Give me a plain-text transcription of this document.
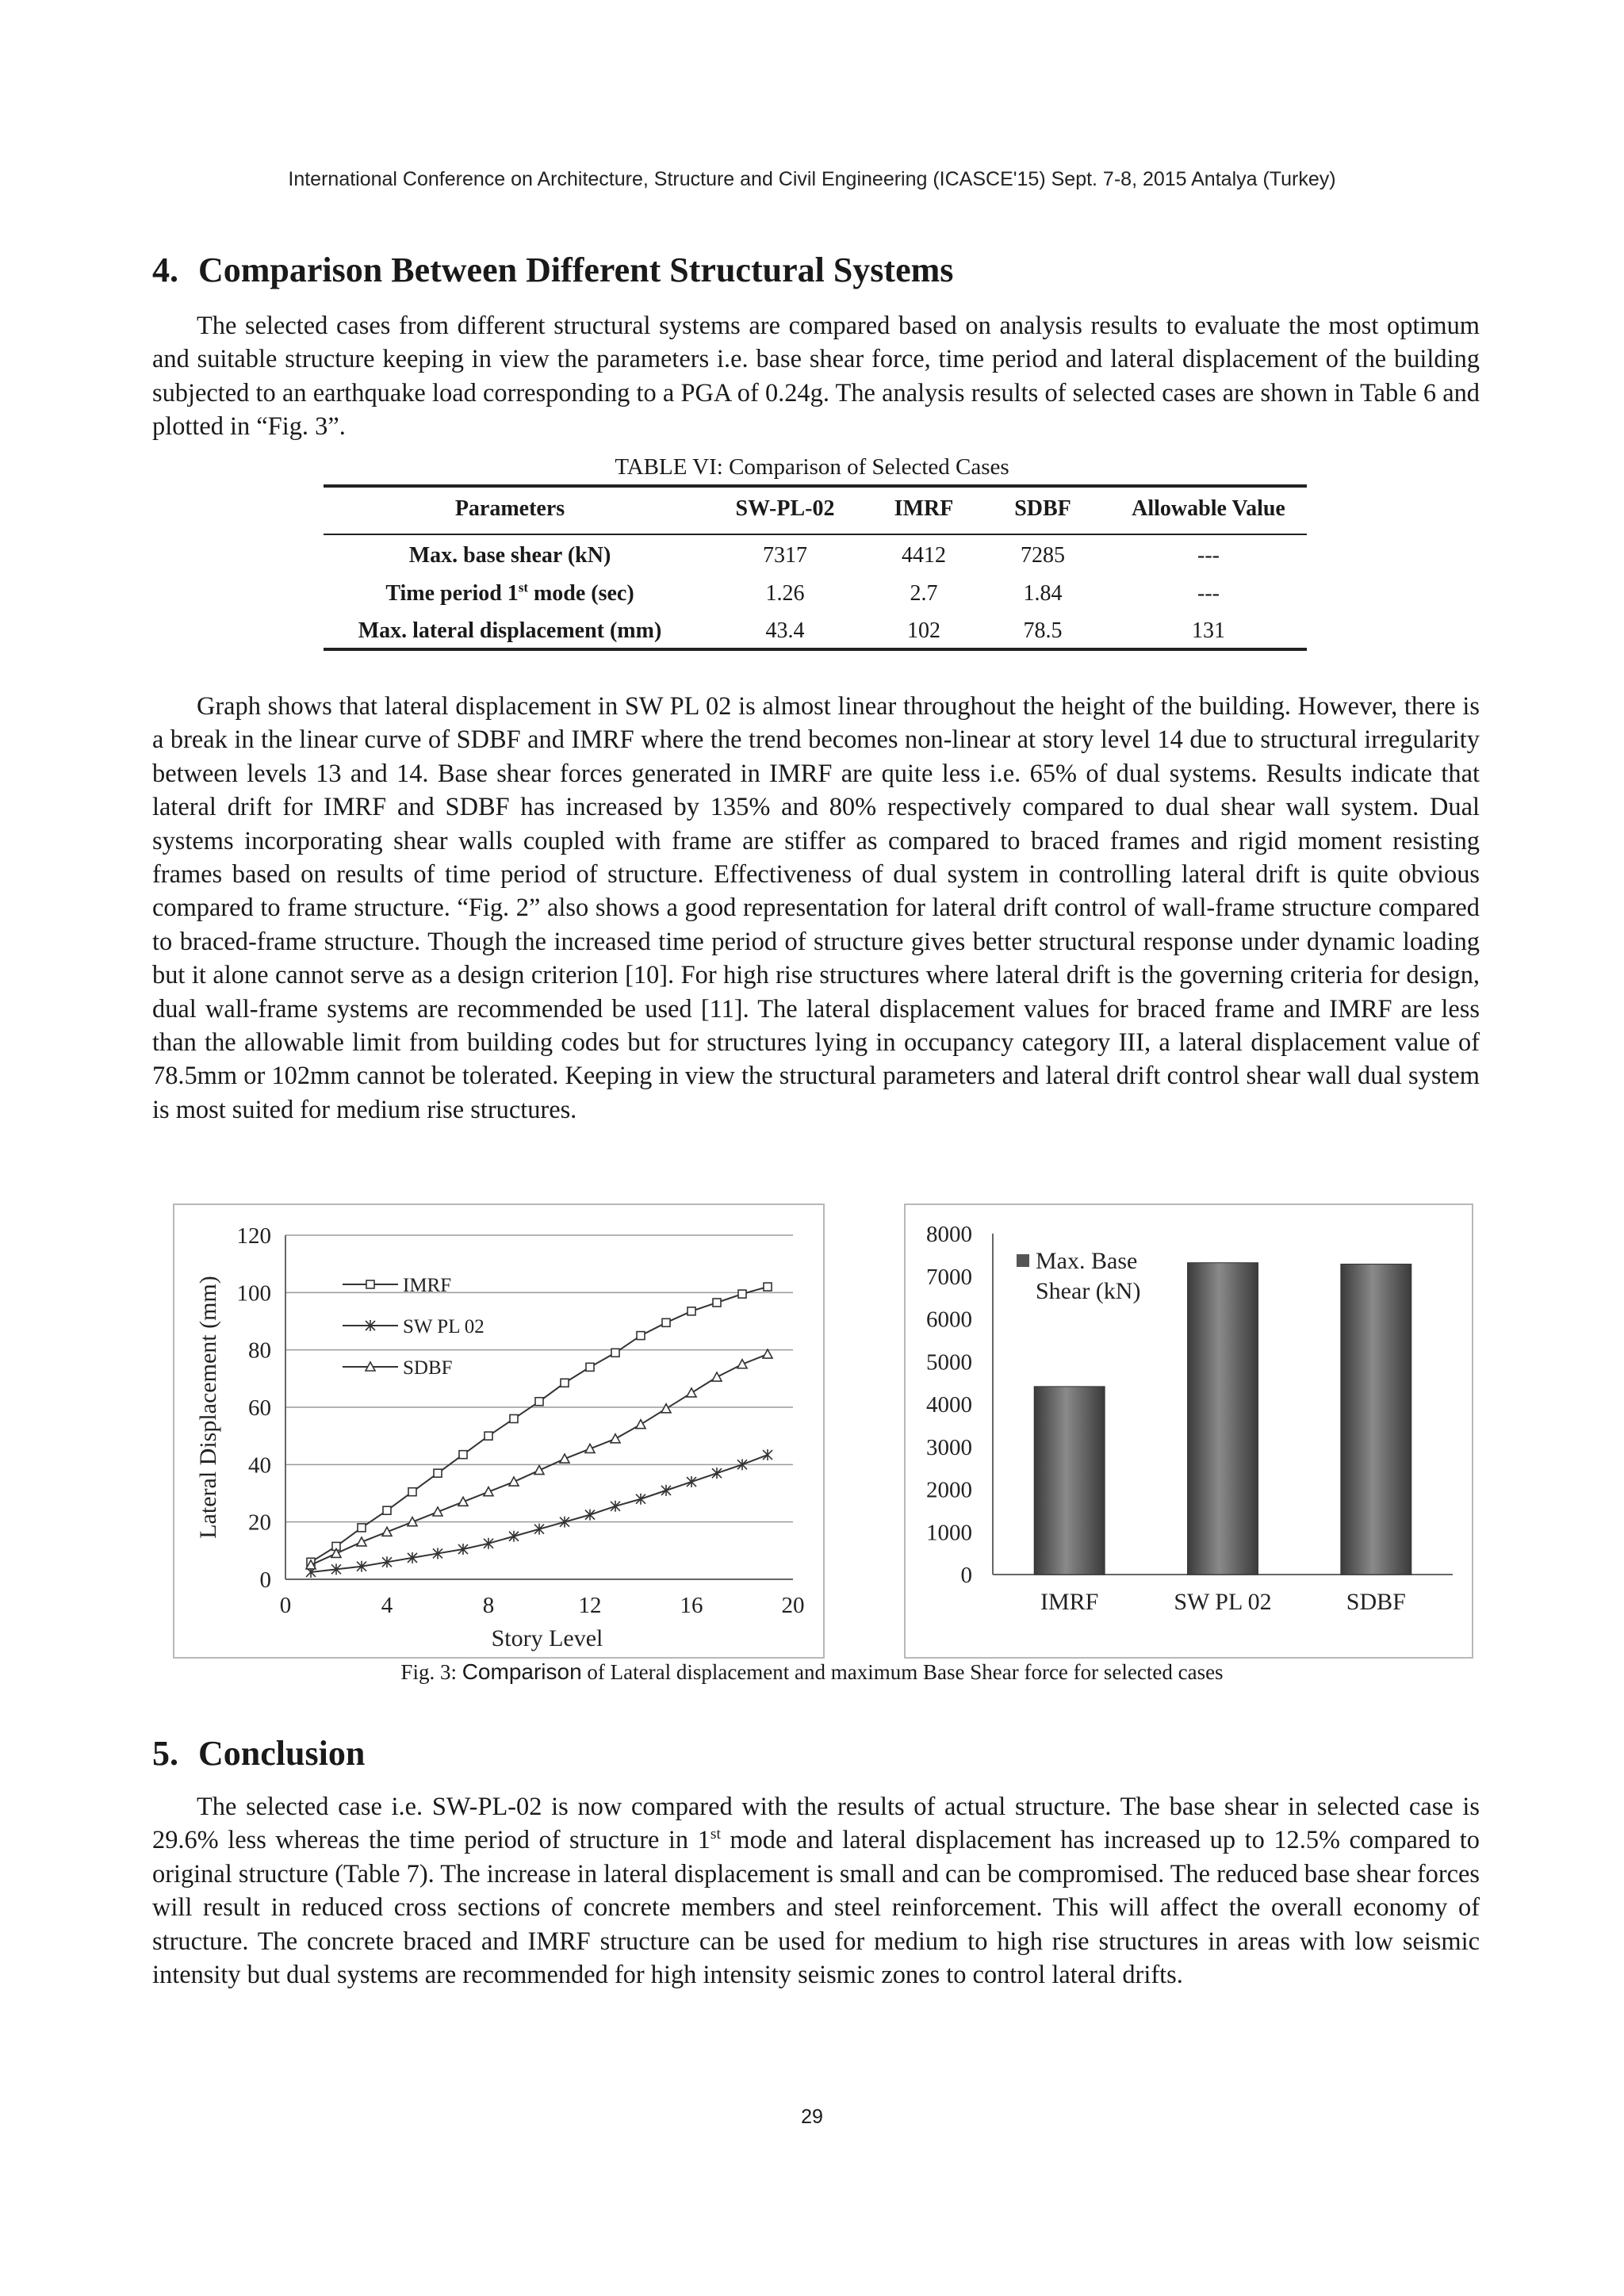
International Conference on Architecture, Structure and Civil Engineering (ICASCE'15) Sept. 7-8, 2015 Antalya (Turkey)
4. Comparison Between Different Structural Systems

The selected cases from different structural systems are compared based on analysis results to evaluate the most optimum and suitable structure keeping in view the parameters i.e. base shear force, time period and lateral displacement of the building subjected to an earthquake load corresponding to a PGA of 0.24g. The analysis results of selected cases are shown in Table 6 and plotted in “Fig. 3”.

TABLE VI: Comparison of Selected Cases
Parameters	SW-PL-02	IMRF	SDBF	Allowable Value
Max. base shear (kN)	7317	4412	7285	---
Time period 1st mode (sec)	1.26	2.7	1.84	---
Max. lateral displacement (mm)	43.4	102	78.5	131

Graph shows that lateral displacement in SW PL 02 is almost linear throughout the height of the building. However, there is a break in the linear curve of SDBF and IMRF where the trend becomes non-linear at story level 14 due to structural irregularity between levels 13 and 14. Base shear forces generated in IMRF are quite less i.e. 65% of dual systems. Results indicate that lateral drift for IMRF and SDBF has increased by 135% and 80% respectively compared to dual shear wall system. Dual systems incorporating shear walls coupled with frame are stiffer as compared to braced frames and rigid moment resisting frames based on results of time period of structure. Effectiveness of dual system in controlling lateral drift is quite obvious compared to frame structure. “Fig. 2” also shows a good representation for lateral drift control of wall-frame structure compared to braced-frame structure. Though the increased time period of structure gives better structural response under dynamic loading but it alone cannot serve as a design criterion [10]. For high rise structures where lateral drift is the governing criteria for design, dual wall-frame systems are recommended be used [11]. The lateral displacement values for braced frame and IMRF are less than the allowable limit from building codes but for structures lying in occupancy category III, a lateral displacement value of 78.5mm or 102mm cannot be tolerated. Keeping in view the structural parameters and lateral drift control shear wall dual system is most suited for medium rise structures.

0
20
40
60
80
100
120
0	4	8	12	16	20
Story Level
Lateral Displacement (mm)	IMRF
SW PL 02
SDBF
0
1000
2000
3000
4000
5000
6000
7000
8000
IMRF	SW PL 02	SDBF
Max. Base
Shear (kN)
Fig. 3: Comparison of Lateral displacement and maximum Base Shear force for selected cases
5. Conclusion

The selected case i.e. SW-PL-02 is now compared with the results of actual structure. The base shear in selected case is 29.6% less whereas the time period of structure in 1st mode and lateral displacement has increased up to 12.5% compared to original structure (Table 7). The increase in lateral displacement is small and can be compromised. The reduced base shear forces will result in reduced cross sections of concrete members and steel reinforcement. This will affect the overall economy of structure. The concrete braced and IMRF structure can be used for medium to high rise structures in areas with low seismic intensity but dual systems are recommended for high intensity seismic zones to control lateral drifts.

29
